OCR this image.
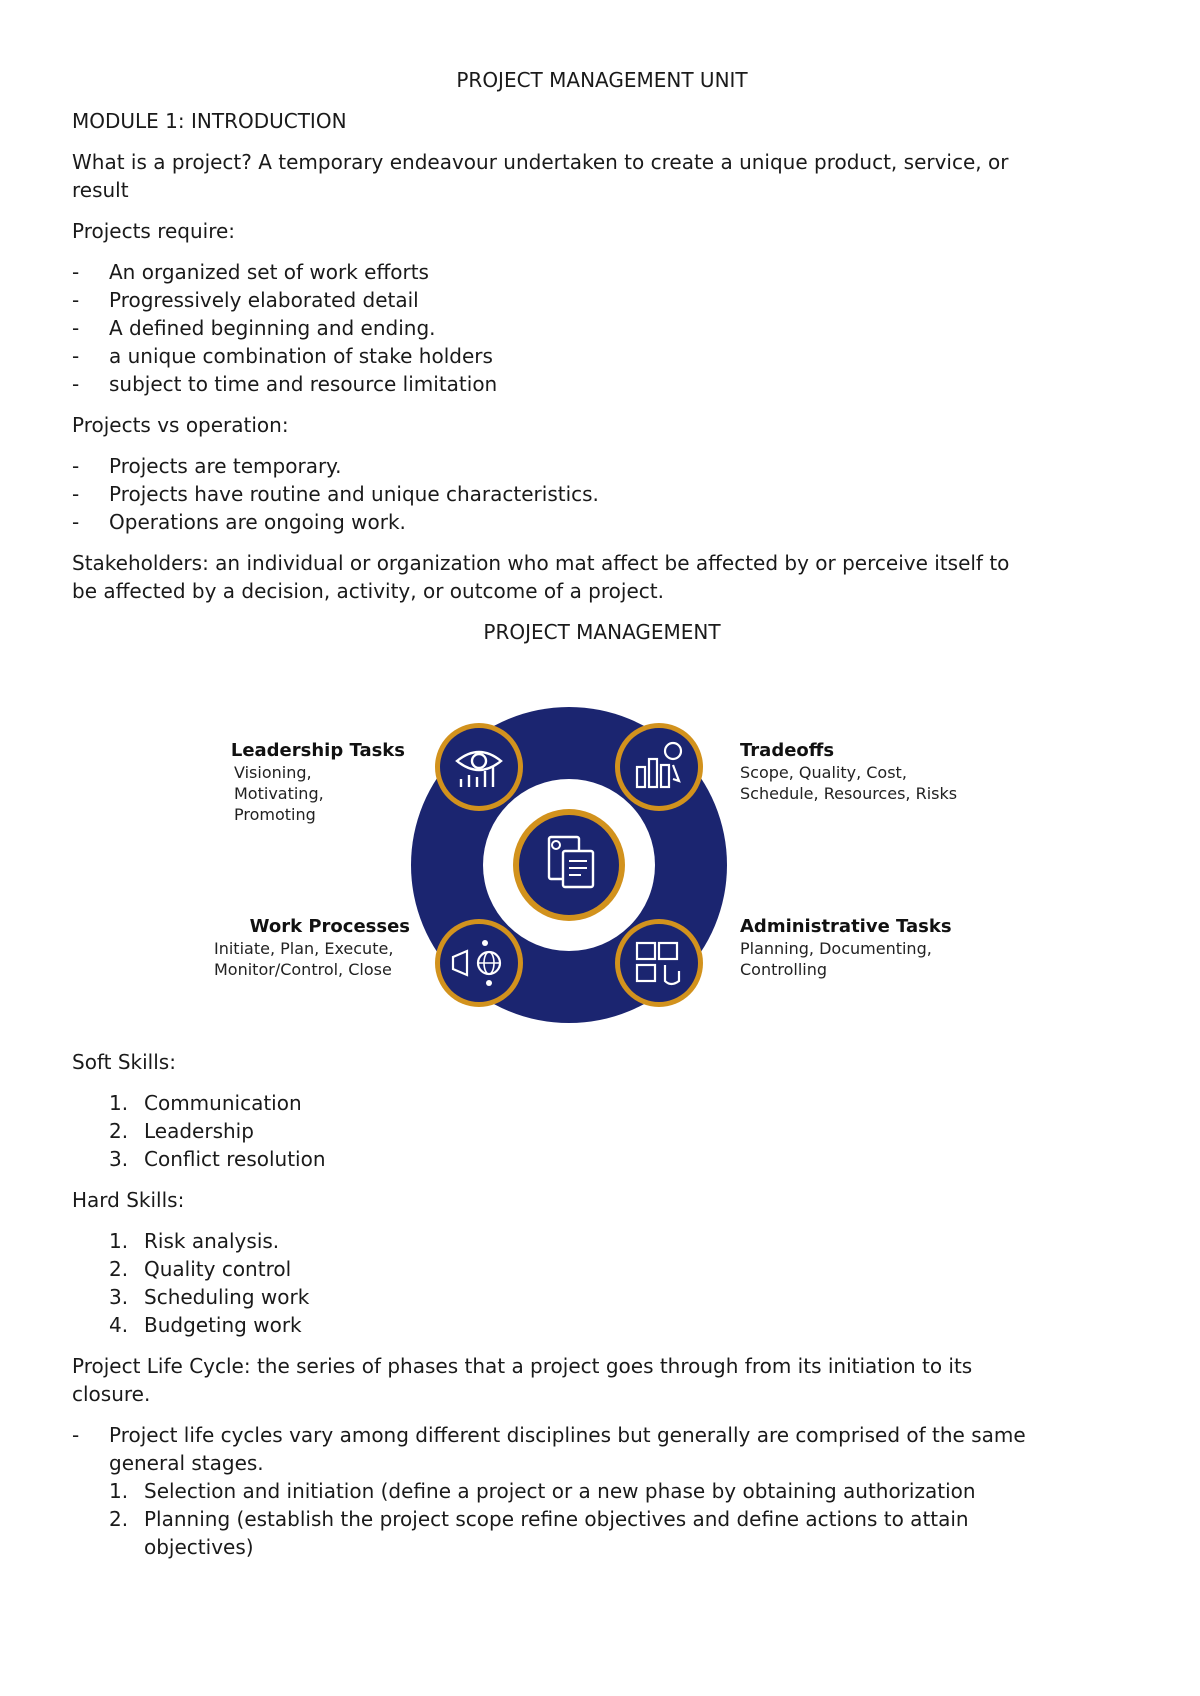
PROJECT MANAGEMENT UNIT

MODULE 1: INTRODUCTION

What is a project? A temporary endeavour undertaken to create a unique product, service, or

result

Projects require:

- An organized set of work efforts
- Progressively elaborated detail
- A defined beginning and ending.
- a unique combination of stake holders
- subject to time and resource limitation

Projects vs operation:

- Projects are temporary.
- Projects have routine and unique characteristics.
- Operations are ongoing work.

Stakeholders: an individual or organization who mat affect be affected by or perceive itself to

be affected by a decision, activity, or outcome of a project.

PROJECT MANAGEMENT

Leadership Tasks
Visioning, Motivating,
Promoting
Tradeoffs
Scope, Quality, Cost,
Schedule, Resources, Risks
Work Processes
Initiate, Plan, Execute,
Monitor/Control, Close
Administrative Tasks
Planning, Documenting,
Controlling

Soft Skills:

1. Communication
2. Leadership
3. Conflict resolution

Hard Skills:

1. Risk analysis.
2. Quality control
3. Scheduling work
4. Budgeting work

Project Life Cycle: the series of phases that a project goes through from its initiation to its

closure.

- Project life cycles vary among different disciplines but generally are comprised of the same
general stages.
1. Selection and initiation (define a project or a new phase by obtaining authorization
2. Planning (establish the project scope refine objectives and define actions to attain
objectives)
